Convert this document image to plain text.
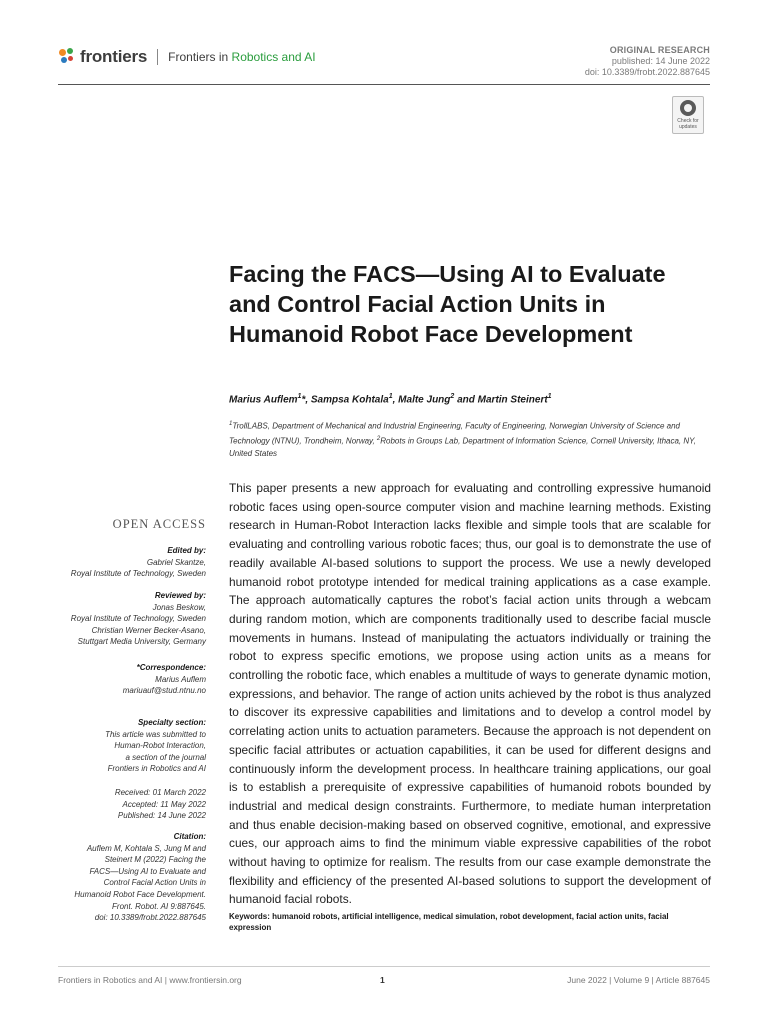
frontiers Frontiers in Robotics and AI	ORIGINAL RESEARCH
published: 14 June 2022
doi: 10.3389/frobt.2022.887645
Check for updates
Facing the FACS—Using AI to Evaluate and Control Facial Action Units in Humanoid Robot Face Development
Marius Auflem$^1$*, Sampsa Kohtala$^1$, Malte Jung$^2$ and Martin Steinert$^1$
$^1$TrollLABS, Department of Mechanical and Industrial Engineering, Faculty of Engineering, Norwegian University of Science and Technology (NTNU), Trondheim, Norway, $^2$Robots in Groups Lab, Department of Information Science, Cornell University, Ithaca, NY, United States

This paper presents a new approach for evaluating and controlling expressive humanoid robotic faces using open-source computer vision and machine learning methods. Existing research in Human-Robot Interaction lacks flexible and simple tools that are scalable for evaluating and controlling various robotic faces; thus, our goal is to demonstrate the use of readily available AI-based solutions to support the process. We use a newly developed humanoid robot prototype intended for medical training applications as a case example. The approach automatically captures the robot’s facial action units through a webcam during random motion, which are components traditionally used to describe facial muscle movements in humans. Instead of manipulating the actuators individually or training the robot to express specific emotions, we propose using action units as a means for controlling the robotic face, which enables a multitude of ways to generate dynamic motion, expressions, and behavior. The range of action units achieved by the robot is thus analyzed to discover its expressive capabilities and limitations and to develop a control model by correlating action units to actuation parameters. Because the approach is not dependent on specific facial attributes or actuation capabilities, it can be used for different designs and continuously inform the development process. In healthcare training applications, our goal is to establish a prerequisite of expressive capabilities of humanoid robots bounded by industrial and medical design constraints. Furthermore, to mediate human interpretation and thus enable decision-making based on observed cognitive, emotional, and expressive cues, our approach aims to find the minimum viable expressive capabilities of the robot without having to optimize for realism. The results from our case example demonstrate the flexibility and efficiency of the presented AI-based solutions to support the development of humanoid facial robots.

Keywords: humanoid robots, artificial intelligence, medical simulation, robot development, facial action units, facial expression
OPEN ACCESS
Edited by:
Gabriel Skantze,
Royal Institute of Technology, Sweden
Reviewed by:
Jonas Beskow,
Royal Institute of Technology, Sweden
Christian Werner Becker-Asano,
Stuttgart Media University, Germany
*Correspondence:
Marius Auflem
mariuauf@stud.ntnu.no
Specialty section:
This article was submitted to
Human-Robot Interaction,
a section of the journal
Frontiers in Robotics and AI
Received: 01 March 2022
Accepted: 11 May 2022
Published: 14 June 2022
Citation:
Auflem M, Kohtala S, Jung M and
Steinert M (2022) Facing the
FACS—Using AI to Evaluate and
Control Facial Action Units in
Humanoid Robot Face Development.
Front. Robot. AI 9:887645.
doi: 10.3389/frobt.2022.887645
Frontiers in Robotics and AI | www.frontiersin.org	1	June 2022 | Volume 9 | Article 887645
